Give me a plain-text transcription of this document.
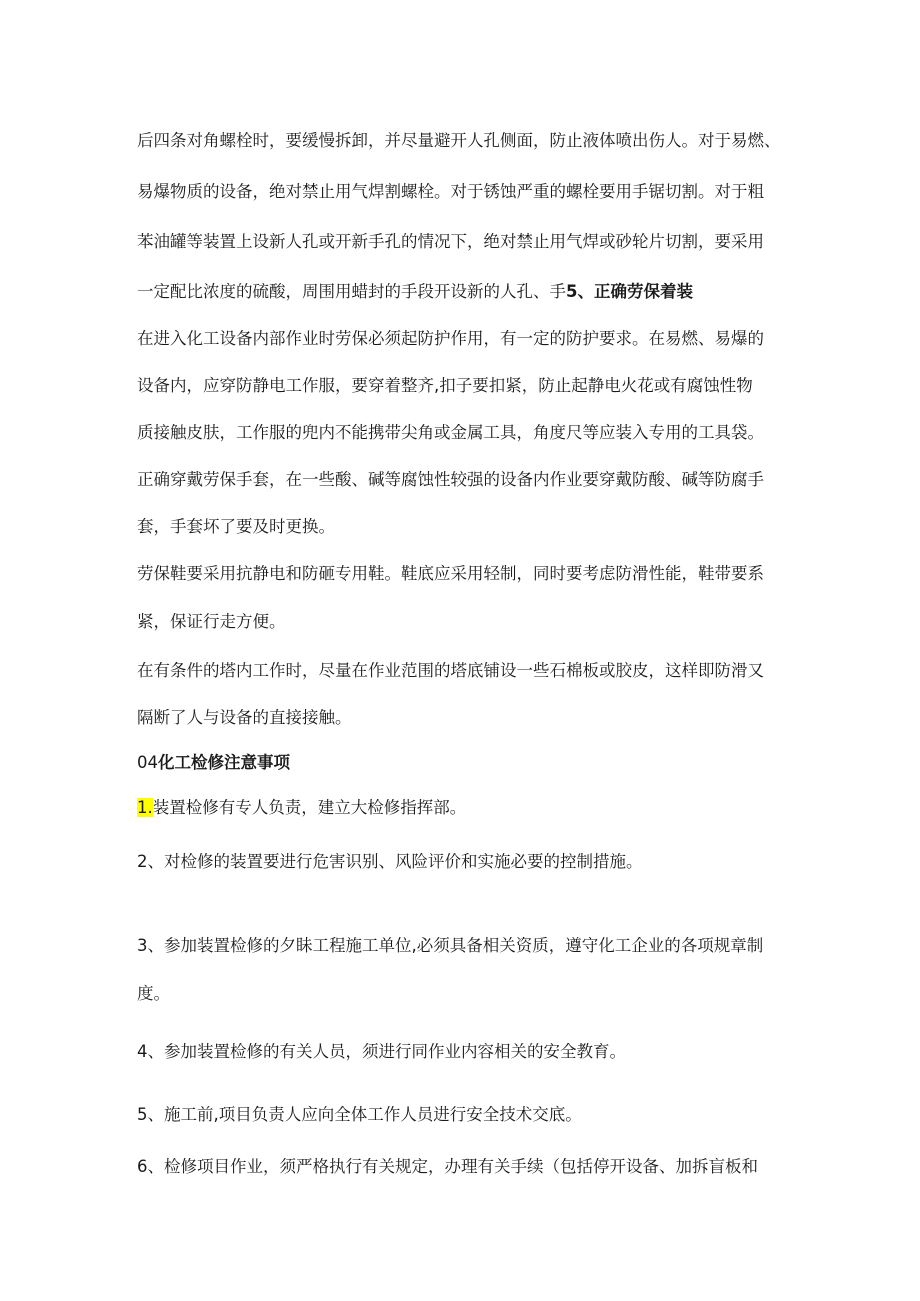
后四条对角螺栓时，要缓慢拆卸，并尽量避开人孔侧面，防止液体喷出伤人。对于易燃、
易爆物质的设备，绝对禁止用气焊割螺栓。对于锈蚀严重的螺栓要用手锯切割。对于粗
苯油罐等装置上设新人孔或开新手孔的情况下，绝对禁止用气焊或砂轮片切割，要采用
一定配比浓度的硫酸，周围用蜡封的手段开设新的人孔、手5、正确劳保着装
在进入化工设备内部作业时劳保必须起防护作用，有一定的防护要求。在易燃、易爆的
设备内，应穿防静电工作服，要穿着整齐,扣子要扣紧，防止起静电火花或有腐蚀性物
质接触皮肤，工作服的兜内不能携带尖角或金属工具，角度尺等应装入专用的工具袋。
正确穿戴劳保手套，在一些酸、碱等腐蚀性较强的设备内作业要穿戴防酸、碱等防腐手
套，手套坏了要及时更换。
劳保鞋要采用抗静电和防砸专用鞋。鞋底应采用轻制，同时要考虑防滑性能，鞋带要系
紧，保证行走方便。
在有条件的塔内工作时，尽量在作业范围的塔底铺设一些石棉板或胶皮，这样即防滑又
隔断了人与设备的直接接触。
04化工检修注意事项
1.装置检修有专人负责，建立大检修指挥部。
2、对检修的装置要进行危害识别、风险评价和实施必要的控制措施。
3、参加装置检修的夕眛工程施工单位,必须具备相关资质，遵守化工企业的各项规章制
度。
4、参加装置检修的有关人员，须进行同作业内容相关的安全教育。
5、施工前,项目负责人应向全体工作人员进行安全技术交底。
6、检修项目作业，须严格执行有关规定，办理有关手续（包括停开设备、加拆盲板和
